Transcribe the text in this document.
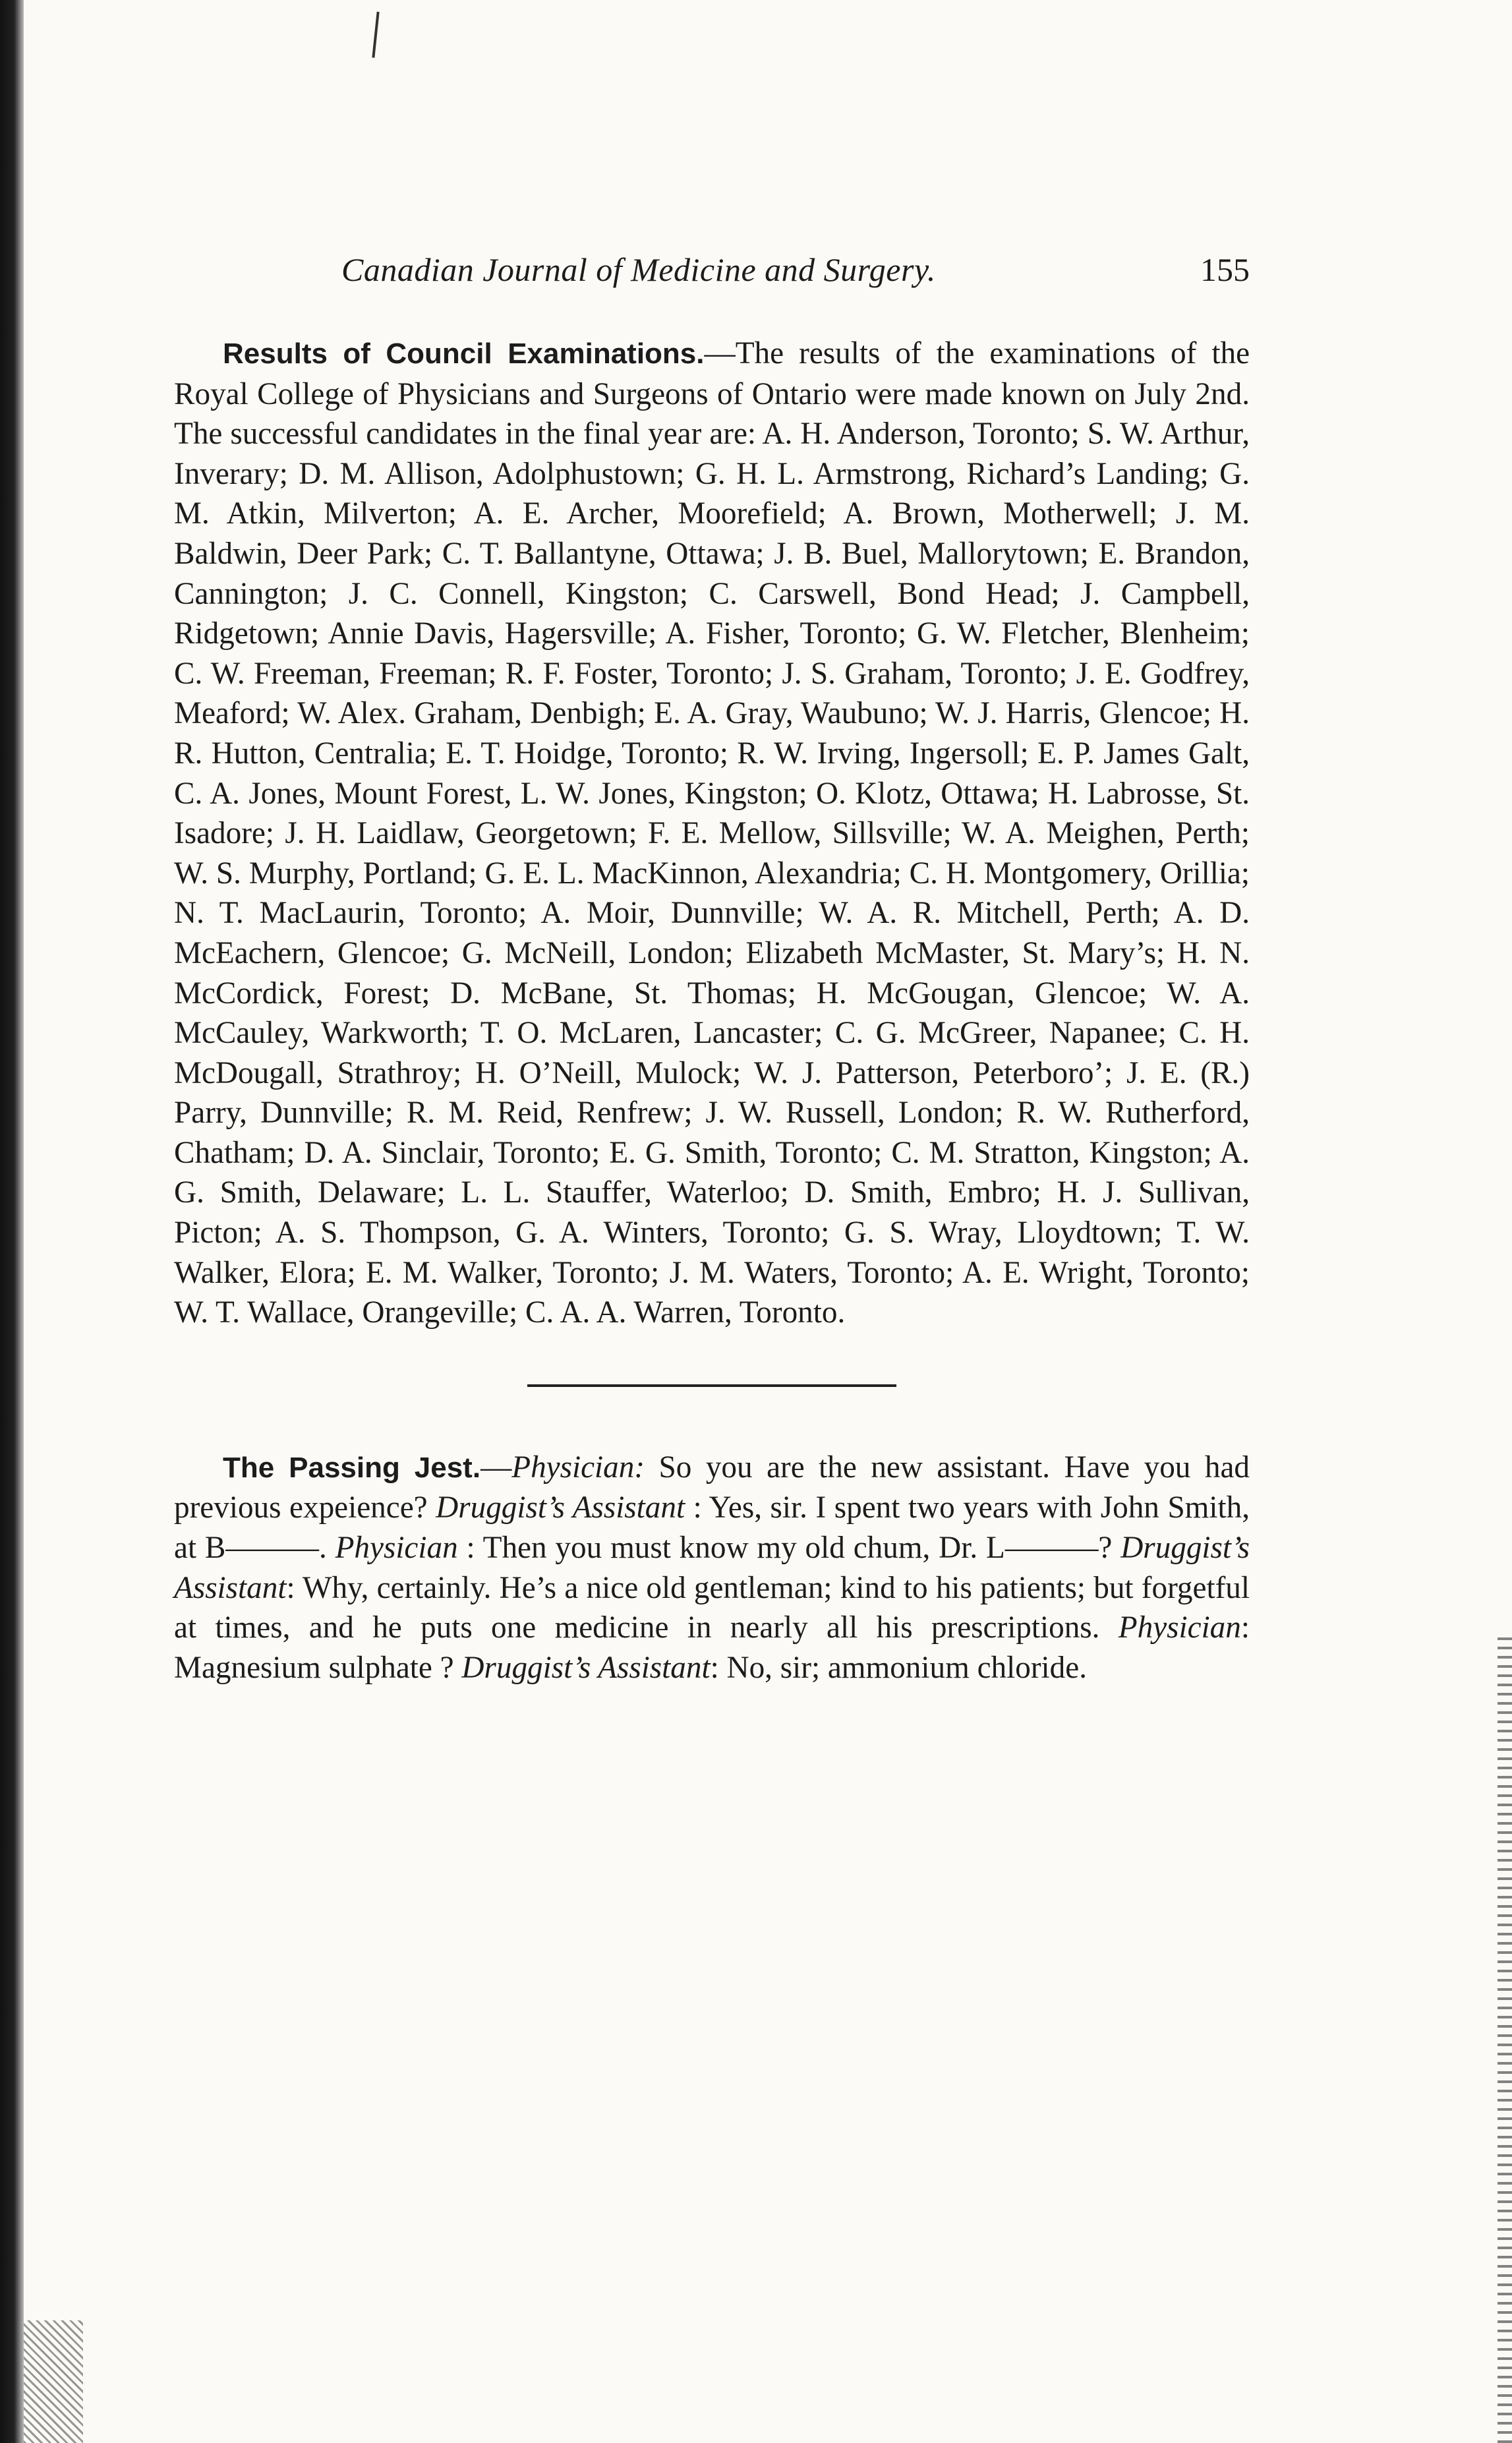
Canadian Journal of Medicine and Surgery.	155

Results of Council Examinations.—The results of the examinations of the Royal College of Physicians and Surgeons of Ontario were made known on July 2nd. The successful candidates in the final year are: A. H. Anderson, Toronto; S. W. Arthur, Inverary; D. M. Allison, Adolphustown; G. H. L. Armstrong, Richard’s Landing; G. M. Atkin, Milverton; A. E. Archer, Moorefield; A. Brown, Motherwell; J. M. Baldwin, Deer Park; C. T. Ballantyne, Ottawa; J. B. Buel, Mallorytown; E. Brandon, Cannington; J. C. Connell, Kingston; C. Carswell, Bond Head; J. Campbell, Ridgetown; Annie Davis, Hagersville; A. Fisher, Toronto; G. W. Fletcher, Blenheim; C. W. Freeman, Freeman; R. F. Foster, Toronto; J. S. Graham, Toronto; J. E. Godfrey, Meaford; W. Alex. Graham, Denbigh; E. A. Gray, Waubuno; W. J. Harris, Glencoe; H. R. Hutton, Centralia; E. T. Hoidge, Toronto; R. W. Irving, Ingersoll; E. P. James Galt, C. A. Jones, Mount Forest, L. W. Jones, Kingston; O. Klotz, Ottawa; H. Labrosse, St. Isadore; J. H. Laidlaw, Georgetown; F. E. Mellow, Sillsville; W. A. Meighen, Perth; W. S. Murphy, Portland; G. E. L. MacKinnon, Alexandria; C. H. Montgomery, Orillia; N. T. MacLaurin, Toronto; A. Moir, Dunnville; W. A. R. Mitchell, Perth; A. D. McEachern, Glencoe; G. McNeill, London; Elizabeth McMaster, St. Mary’s; H. N. McCordick, Forest; D. McBane, St. Thomas; H. McGougan, Glencoe; W. A. McCauley, Warkworth; T. O. McLaren, Lancaster; C. G. McGreer, Napanee; C. H. McDougall, Strathroy; H. O’Neill, Mulock; W. J. Patterson, Peterboro’; J. E. (R.) Parry, Dunnville; R. M. Reid, Renfrew; J. W. Russell, London; R. W. Rutherford, Chatham; D. A. Sinclair, Toronto; E. G. Smith, Toronto; C. M. Stratton, Kingston; A. G. Smith, Delaware; L. L. Stauffer, Waterloo; D. Smith, Embro; H. J. Sullivan, Picton; A. S. Thompson, G. A. Winters, Toronto; G. S. Wray, Lloydtown; T. W. Walker, Elora; E. M. Walker, Toronto; J. M. Waters, Toronto; A. E. Wright, Toronto; W. T. Wallace, Orangeville; C. A. A. Warren, Toronto.

The Passing Jest.—Physician: So you are the new assistant. Have you had previous expeience? Druggist’s Assistant : Yes, sir. I spent two years with John Smith, at B———. Physician : Then you must know my old chum, Dr. L———? Druggist’s Assistant: Why, certainly. He’s a nice old gentleman; kind to his patients; but forgetful at times, and he puts one medicine in nearly all his prescriptions. Physician: Magnesium sulphate ? Druggist’s Assistant: No, sir; ammonium chloride.
